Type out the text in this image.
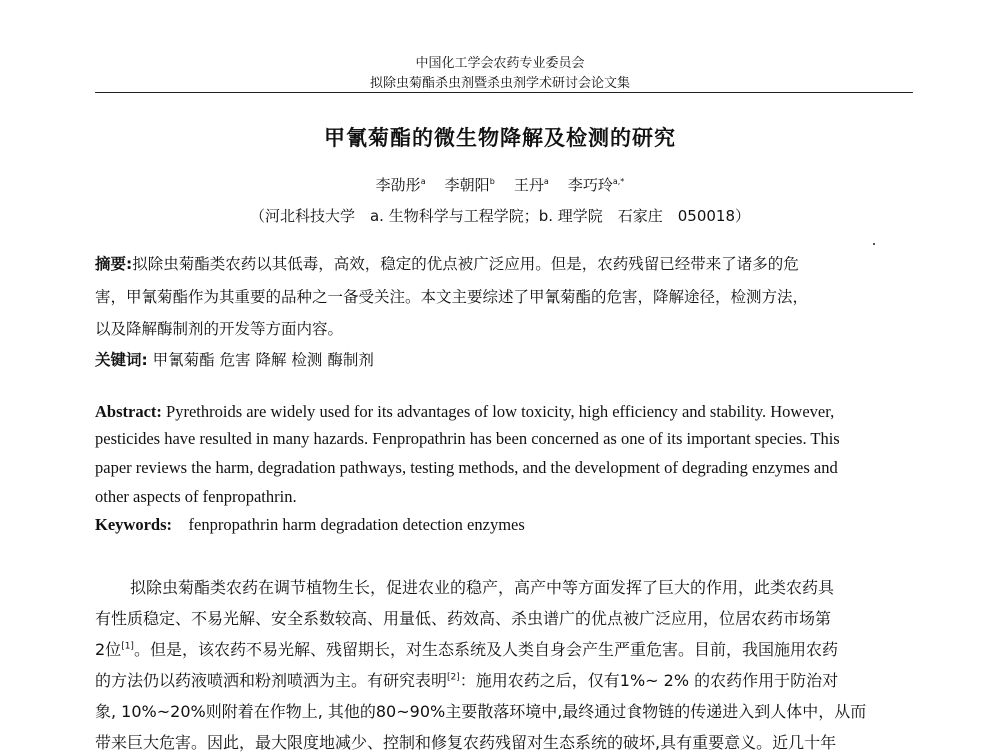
中国化工学会农药专业委员会
拟除虫菊酯杀虫剂暨杀虫剂学术研讨会论文集
甲氰菊酯的微生物降解及检测的研究
李劭彤$^a$ 李朝阳$^b$ 王丹$^a$ 李巧玲$^{a,*}$
（河北科技大学　a. 生物科学与工程学院；b. 理学院　石家庄　050018）
摘要:拟除虫菊酯类农药以其低毒，高效，稳定的优点被广泛应用。但是，农药残留已经带来了诸多的危
害，甲氰菊酯作为其重要的品种之一备受关注。本文主要综述了甲氰菊酯的危害，降解途径，检测方法，
以及降解酶制剂的开发等方面内容。
关键词: 甲氰菊酯 危害 降解 检测 酶制剂
Abstract: Pyrethroids are widely used for its advantages of low toxicity, high efficiency and stability. However,
pesticides have resulted in many hazards. Fenpropathrin has been concerned as one of its important species. This
paper reviews the harm, degradation pathways, testing methods, and the development of degrading enzymes and
other aspects of fenpropathrin.
Keywords: fenpropathrin harm degradation detection enzymes
拟除虫菊酯类农药在调节植物生长，促进农业的稳产，高产中等方面发挥了巨大的作用，此类农药具
有性质稳定、不易光解、安全系数较高、用量低、药效高、杀虫谱广的优点被广泛应用，位居农药市场第
2位[1]。但是，该农药不易光解、残留期长，对生态系统及人类自身会产生严重危害。目前，我国施用农药
的方法仍以药液喷洒和粉剂喷洒为主。有研究表明[2]：施用农药之后，仅有1%~ 2% 的农药作用于防治对
象, 10%~20%则附着在作物上, 其他的80~90%主要散落环境中,最终通过食物链的传递进入到人体中，从而
带来巨大危害。因此，最大限度地减少、控制和修复农药残留对生态系统的破坏,具有重要意义。近几十年
